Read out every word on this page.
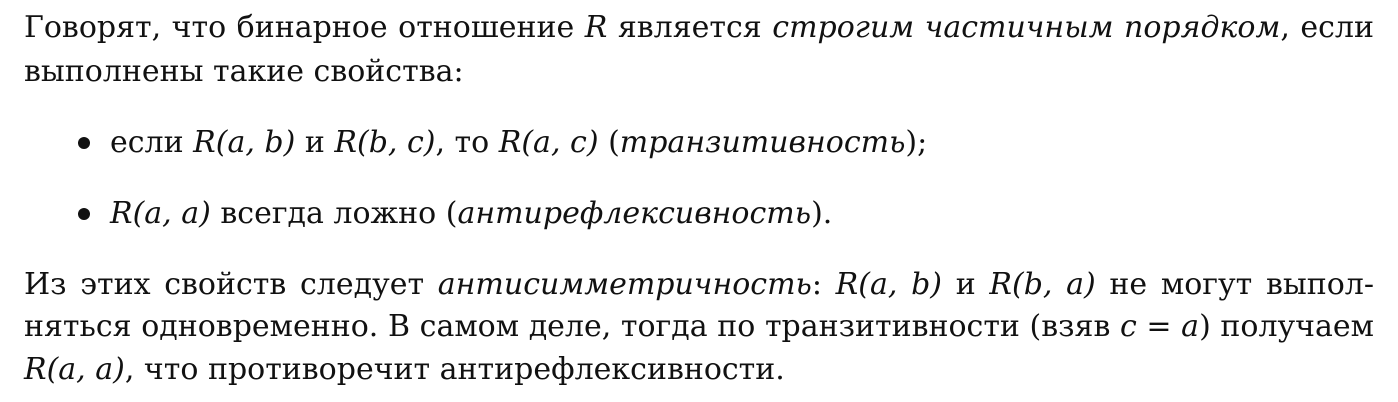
Говорят, что бинарное отношение R является строгим частичным порядком, если
выполнены такие свойства:
если R(a, b) и R(b, c), то R(a, c) (транзитивность);
R(a, a) всегда ложно (антирефлексивность).
Из этих свойств следует антисимметричность: R(a, b) и R(b, a) не могут выпол-
няться одновременно. В самом деле, тогда по транзитивности (взяв c = a) получаем
R(a, a), что противоречит антирефлексивности.
